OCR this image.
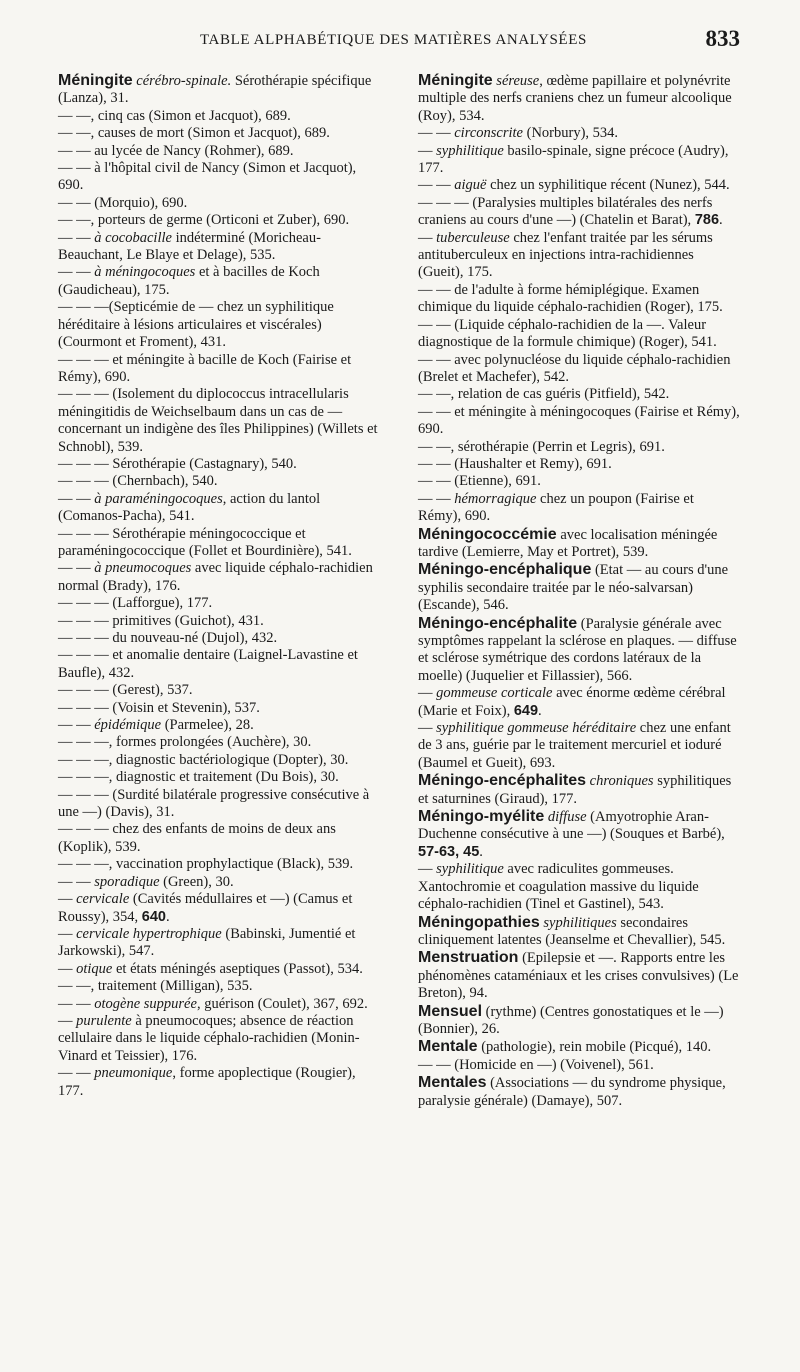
TABLE ALPHABÉTIQUE DES MATIÈRES ANALYSÉES	833
Méningite cérébro-spinale. Sérothérapie spécifique (Lanza), 31.
— —, cinq cas (Simon et Jacquot), 689.
— —, causes de mort (Simon et Jacquot), 689.
— — au lycée de Nancy (Rohmer), 689.
— — à l'hôpital civil de Nancy (Simon et Jacquot), 690.
— — (Morquio), 690.
— —, porteurs de germe (Orticoni et Zuber), 690.
— — à cocobacille indéterminé (Moricheau-Beauchant, Le Blaye et Delage), 535.
— — à méningocoques et à bacilles de Koch (Gaudicheau), 175.
— — —(Septicémie de — chez un syphilitique héréditaire à lésions articulaires et viscérales) (Courmont et Froment), 431.
— — — et méningite à bacille de Koch (Fairise et Rémy), 690.
— — — (Isolement du diplococcus intracellularis méningitidis de Weichselbaum dans un cas de — concernant un indigène des îles Philippines) (Willets et Schnobl), 539.
— — — Sérothérapie (Castagnary), 540.
— — — (Chernbach), 540.
— — à paraméningocoques, action du lantol (Comanos-Pacha), 541.
— — — Sérothérapie méningococcique et paraméningococcique (Follet et Bourdinière), 541.
— — à pneumocoques avec liquide céphalo-rachidien normal (Brady), 176.
— — — (Lafforgue), 177.
— — — primitives (Guichot), 431.
— — — du nouveau-né (Dujol), 432.
— — — et anomalie dentaire (Laignel-Lavastine et Baufle), 432.
— — — (Gerest), 537.
— — — (Voisin et Stevenin), 537.
— — épidémique (Parmelee), 28.
— — —, formes prolongées (Auchère), 30.
— — —, diagnostic bactériologique (Dopter), 30.
— — —, diagnostic et traitement (Du Bois), 30.
— — — (Surdité bilatérale progressive consécutive à une —) (Davis), 31.
— — — chez des enfants de moins de deux ans (Koplik), 539.
— — —, vaccination prophylactique (Black), 539.
— — sporadique (Green), 30.
— cervicale (Cavités médullaires et —) (Camus et Roussy), 354, 640.
— cervicale hypertrophique (Babinski, Jumentié et Jarkowski), 547.
— otique et états méningés aseptiques (Passot), 534.
— —, traitement (Milligan), 535.
— — otogène suppurée, guérison (Coulet), 367, 692.
— purulente à pneumocoques; absence de réaction cellulaire dans le liquide céphalo-rachidien (Monin-Vinard et Teissier), 176.
— — pneumonique, forme apoplectique (Rougier), 177.
Méningite séreuse, œdème papillaire et polynévrite multiple des nerfs craniens chez un fumeur alcoolique (Roy), 534.
— — circonscrite (Norbury), 534.
— syphilitique basilo-spinale, signe précoce (Audry), 177.
— — aiguë chez un syphilitique récent (Nunez), 544.
— — — (Paralysies multiples bilatérales des nerfs craniens au cours d'une —) (Chatelin et Barat), 786.
— tuberculeuse chez l'enfant traitée par les sérums antituberculeux en injections intra-rachidiennes (Gueit), 175.
— — de l'adulte à forme hémiplégique. Examen chimique du liquide céphalo-rachidien (Roger), 175.
— — (Liquide céphalo-rachidien de la —. Valeur diagnostique de la formule chimique) (Roger), 541.
— — avec polynucléose du liquide céphalo-rachidien (Brelet et Machefer), 542.
— —, relation de cas guéris (Pitfield), 542.
— — et méningite à méningocoques (Fairise et Rémy), 690.
— —, sérothérapie (Perrin et Legris), 691.
— — (Haushalter et Remy), 691.
— — (Etienne), 691.
— — hémorragique chez un poupon (Fairise et Rémy), 690.
Méningococcémie avec localisation méningée tardive (Lemierre, May et Portret), 539.
Méningo-encéphalique (Etat — au cours d'une syphilis secondaire traitée par le néo-salvarsan) (Escande), 546.
Méningo-encéphalite (Paralysie générale avec symptômes rappelant la sclérose en plaques. — diffuse et sclérose symétrique des cordons latéraux de la moelle) (Juquelier et Fillassier), 566.
— gommeuse corticale avec énorme œdème cérébral (Marie et Foix), 649.
— syphilitique gommeuse héréditaire chez une enfant de 3 ans, guérie par le traitement mercuriel et ioduré (Baumel et Gueit), 693.
Méningo-encéphalites chroniques syphilitiques et saturnines (Giraud), 177.
Méningo-myélite diffuse (Amyotrophie Aran-Duchenne consécutive à une —) (Souques et Barbé), 57-63, 45.
— syphilitique avec radiculites gommeuses. Xantochromie et coagulation massive du liquide céphalo-rachidien (Tinel et Gastinel), 543.
Méningopathies syphilitiques secondaires cliniquement latentes (Jeanselme et Chevallier), 545.
Menstruation (Epilepsie et —. Rapports entre les phénomènes cataméniaux et les crises convulsives) (Le Breton), 94.
Mensuel (rythme) (Centres gonostatiques et le —) (Bonnier), 26.
Mentale (pathologie), rein mobile (Picqué), 140.
— — (Homicide en —) (Voivenel), 561.
Mentales (Associations — du syndrome physique, paralysie générale) (Damaye), 507.
